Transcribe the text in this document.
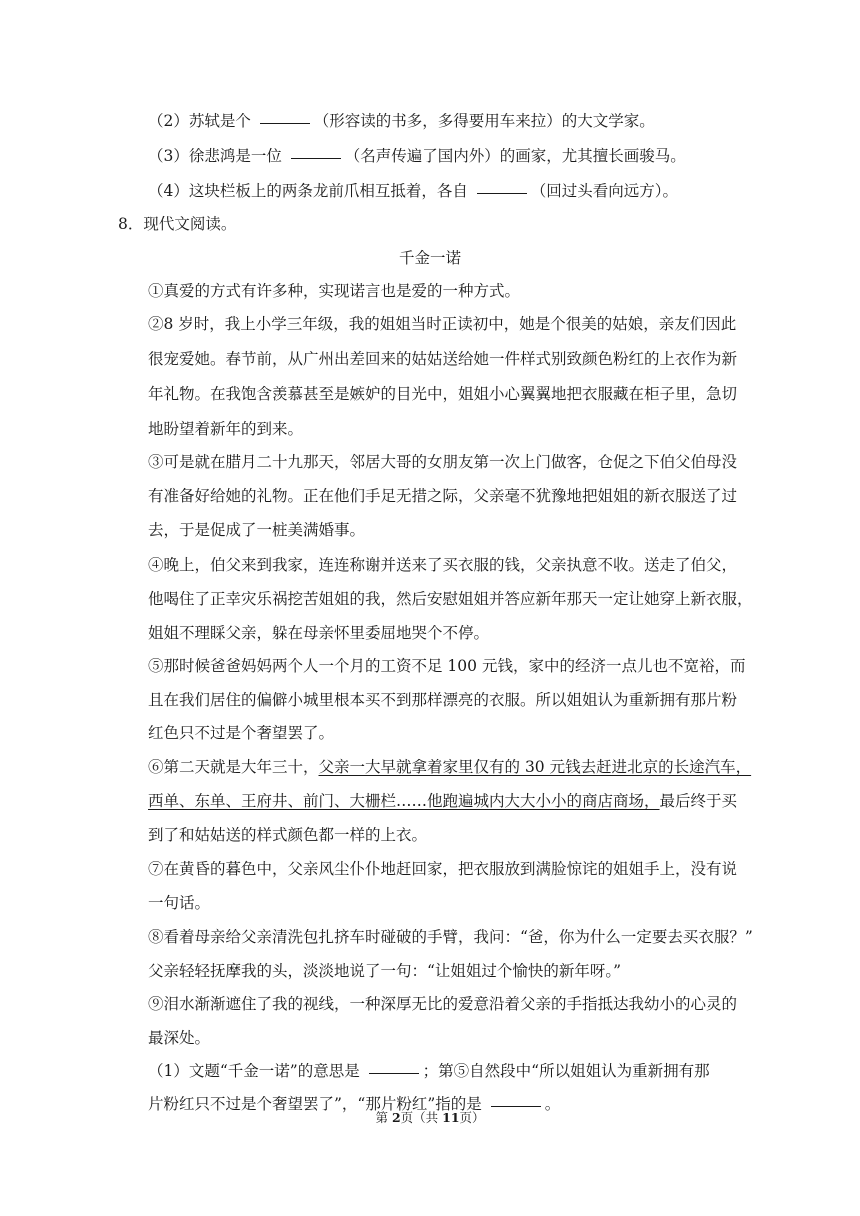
（2）苏轼是个	（形容读的书多，多得要用车来拉）的大文学家。
（3）徐悲鸿是一位	（名声传遍了国内外）的画家，尤其擅长画骏马。
（4）这块栏板上的两条龙前爪相互抵着，各自	（回过头看向远方）。
8．现代文阅读。
千金一诺
①真爱的方式有许多种，实现诺言也是爱的一种方式。
②8 岁时，我上小学三年级，我的姐姐当时正读初中，她是个很美的姑娘，亲友们因此
很宠爱她。春节前，从广州出差回来的姑姑送给她一件样式别致颜色粉红的上衣作为新
年礼物。在我饱含羡慕甚至是嫉妒的目光中，姐姐小心翼翼地把衣服藏在柜子里，急切
地盼望着新年的到来。
③可是就在腊月二十九那天，邻居大哥的女朋友第一次上门做客，仓促之下伯父伯母没
有准备好给她的礼物。正在他们手足无措之际，父亲毫不犹豫地把姐姐的新衣服送了过
去，于是促成了一桩美满婚事。
④晚上，伯父来到我家，连连称谢并送来了买衣服的钱，父亲执意不收。送走了伯父，
他喝住了正幸灾乐祸挖苦姐姐的我，然后安慰姐姐并答应新年那天一定让她穿上新衣服，
姐姐不理睬父亲，躲在母亲怀里委屈地哭个不停。
⑤那时候爸爸妈妈两个人一个月的工资不足 100 元钱，家中的经济一点儿也不宽裕，而
且在我们居住的偏僻小城里根本买不到那样漂亮的衣服。所以姐姐认为重新拥有那片粉
红色只不过是个奢望罢了。
⑥第二天就是大年三十，父亲一大早就拿着家里仅有的 30 元钱去赶进北京的长途汽车，
西单、东单、王府井、前门、大栅栏……他跑遍城内大大小小的商店商场，最后终于买
到了和姑姑送的样式颜色都一样的上衣。
⑦在黄昏的暮色中，父亲风尘仆仆地赶回家，把衣服放到满脸惊诧的姐姐手上，没有说
一句话。
⑧看着母亲给父亲清洗包扎挤车时碰破的手臂，我问：“爸，你为什么一定要去买衣服？”
父亲轻轻抚摩我的头，淡淡地说了一句：“让姐姐过个愉快的新年呀。”
⑨泪水渐渐遮住了我的视线，一种深厚无比的爱意沿着父亲的手指抵达我幼小的心灵的
最深处。
（1）文题“千金一诺”的意思是	；第⑤自然段中“所以姐姐认为重新拥有那
片粉红只不过是个奢望罢了”，“那片粉红”指的是	。
第 2页（共 11页）
